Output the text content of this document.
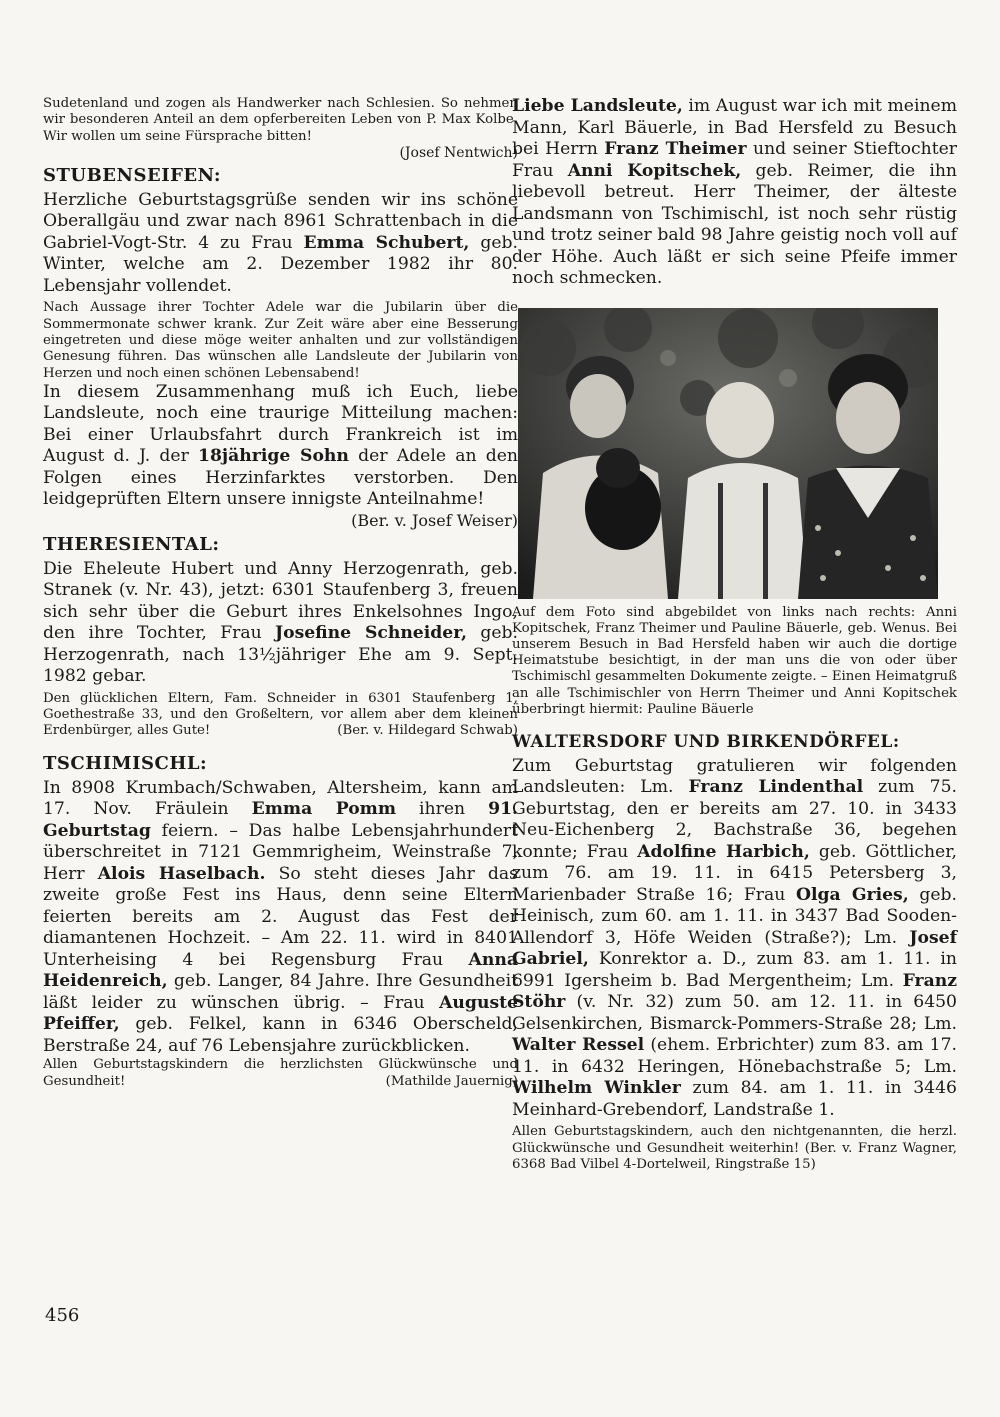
Sudetenland und zogen als Handwerker nach Schlesien. So nehmen wir besonderen Anteil an dem opferbereiten Leben von P. Max Kolbe. Wir wollen um seine Fürsprache bitten!

(Josef Nentwich)

STUBENSEIFEN:

Herzliche Geburtstagsgrüße senden wir ins schöne Oberallgäu und zwar nach 8961 Schrattenbach in die Gabriel-Vogt-Str. 4 zu Frau Emma Schubert, geb. Winter, welche am 2. Dezember 1982 ihr 80. Lebensjahr vollendet.

Nach Aussage ihrer Tochter Adele war die Jubilarin über die Sommermonate schwer krank. Zur Zeit wäre aber eine Besserung eingetreten und diese möge weiter anhalten und zur vollständigen Genesung führen. Das wünschen alle Landsleute der Jubilarin von Herzen und noch einen schönen Lebensabend!

In diesem Zusammenhang muß ich Euch, liebe Landsleute, noch eine traurige Mitteilung machen: Bei einer Urlaubsfahrt durch Frankreich ist im August d. J. der 18jährige Sohn der Adele an den Folgen eines Herzinfarktes verstorben. Den leidgeprüften Eltern unsere innigste Anteilnahme!

(Ber. v. Josef Weiser)

THERESIENTAL:

Die Eheleute Hubert und Anny Herzogenrath, geb. Stranek (v. Nr. 43), jetzt: 6301 Staufenberg 3, freuen sich sehr über die Geburt ihres Enkelsohnes Ingo, den ihre Tochter, Frau Josefine Schneider, geb. Herzogenrath, nach 13½jähriger Ehe am 9. Sept. 1982 gebar.

Den glücklichen Eltern, Fam. Schneider in 6301 Staufenberg 1, Goethestraße 33, und den Großeltern, vor allem aber dem kleinen Erdenbürger, alles Gute!	(Ber. v. Hildegard Schwab)

TSCHIMISCHL:

In 8908 Krumbach/Schwaben, Altersheim, kann am 17. Nov. Fräulein Emma Pomm ihren 91. Geburtstag feiern. – Das halbe Lebensjahrhundert überschreitet in 7121 Gemmrigheim, Weinstraße 7, Herr Alois Haselbach. So steht dieses Jahr das zweite große Fest ins Haus, denn seine Eltern feierten bereits am 2. August das Fest der diamantenen Hochzeit. – Am 22. 11. wird in 8401 Unterheising 4 bei Regensburg Frau Anna Heidenreich, geb. Langer, 84 Jahre. Ihre Gesundheit läßt leider zu wünschen übrig. – Frau Auguste Pfeiffer, geb. Felkel, kann in 6346 Oberscheld, Berstraße 24, auf 76 Lebensjahre zurückblicken.

Allen Geburtstagskindern die herzlichsten Glückwünsche und Gesundheit!	(Mathilde Jauernig)

Liebe Landsleute, im August war ich mit meinem Mann, Karl Bäuerle, in Bad Hersfeld zu Besuch bei Herrn Franz Theimer und seiner Stieftochter Frau Anni Kopitschek, geb. Reimer, die ihn liebevoll betreut. Herr Theimer, der älteste Landsmann von Tschimischl, ist noch sehr rüstig und trotz seiner bald 98 Jahre geistig noch voll auf der Höhe. Auch läßt er sich seine Pfeife immer noch schmecken.

Auf dem Foto sind abgebildet von links nach rechts: Anni Kopitschek, Franz Theimer und Pauline Bäuerle, geb. Wenus. Bei unserem Besuch in Bad Hersfeld haben wir auch die dortige Heimatstube besichtigt, in der man uns die von oder über Tschimischl gesammelten Dokumente zeigte. – Einen Heimatgruß an alle Tschimischler von Herrn Theimer und Anni Kopitschek überbringt hiermit: Pauline Bäuerle

WALTERSDORF UND BIRKENDÖRFEL:

Zum Geburtstag gratulieren wir folgenden Landsleuten: Lm. Franz Lindenthal zum 75. Geburtstag, den er bereits am 27. 10. in 3433 Neu-Eichenberg 2, Bachstraße 36, begehen konnte; Frau Adolfine Harbich, geb. Göttlicher, zum 76. am 19. 11. in 6415 Petersberg 3, Marienbader Straße 16; Frau Olga Gries, geb. Heinisch, zum 60. am 1. 11. in 3437 Bad Sooden-Allendorf 3, Höfe Weiden (Straße?); Lm. Josef Gabriel, Konrektor a. D., zum 83. am 1. 11. in 6991 Igersheim b. Bad Mergentheim; Lm. Franz Stöhr (v. Nr. 32) zum 50. am 12. 11. in 6450 Gelsenkirchen, Bismarck-Pommers-Straße 28; Lm. Walter Ressel (ehem. Erbrichter) zum 83. am 17. 11. in 6432 Heringen, Hönebachstraße 5; Lm. Wilhelm Winkler zum 84. am 1. 11. in 3446 Meinhard-Grebendorf, Landstraße 1.

Allen Geburtstagskindern, auch den nichtgenannten, die herzl. Glückwünsche und Gesundheit weiterhin! (Ber. v. Franz Wagner, 6368 Bad Vilbel 4-Dortelweil, Ringstraße 15)

456
